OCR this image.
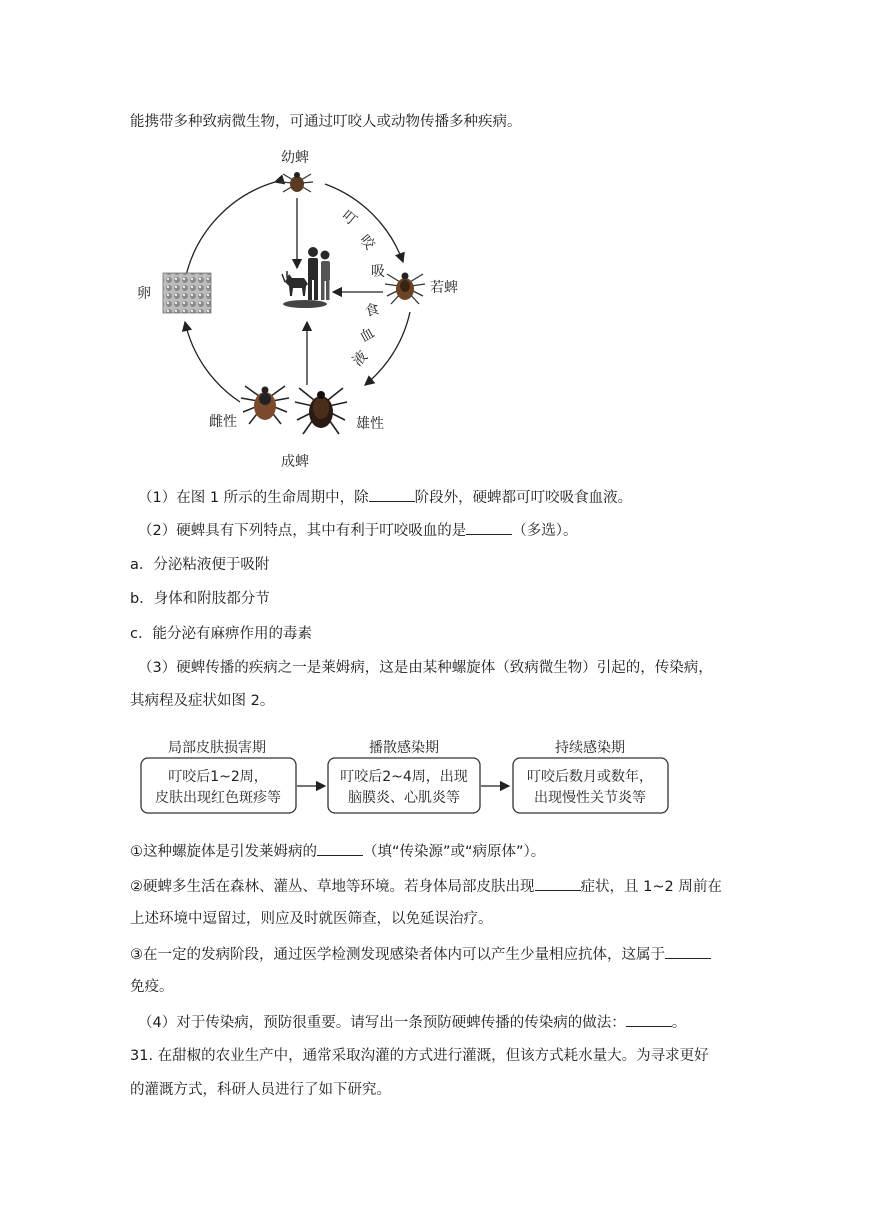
能携带多种致病微生物，可通过叮咬人或动物传播多种疾病。
幼蜱
若蜱
卵
雌性	雄性
成蜱
叮
咬
吸
食
血
液
（1）在图 1 所示的生命周期中，除	阶段外，硬蜱都可叮咬吸食血液。
（2）硬蜱具有下列特点，其中有利于叮咬吸血的是	（多选）。
a．分泌粘液便于吸附
b．身体和附肢都分节
c．能分泌有麻痹作用的毒素
（3）硬蜱传播的疾病之一是莱姆病，这是由某种螺旋体（致病微生物）引起的，传染病，
其病程及症状如图 2。
局部皮肤损害期
叮咬后1~2周，
皮肤出现红色斑疹等
播散感染期
叮咬后2~4周，出现
脑膜炎、心肌炎等
持续感染期
叮咬后数月或数年，
出现慢性关节炎等
①这种螺旋体是引发莱姆病的	（填“传染源”或“病原体”）。
②硬蜱多生活在森林、灌丛、草地等环境。若身体局部皮肤出现	症状，且 1~2 周前在
上述环境中逗留过，则应及时就医筛查，以免延误治疗。
③在一定的发病阶段，通过医学检测发现感染者体内可以产生少量相应抗体，这属于
免疫。
（4）对于传染病，预防很重要。请写出一条预防硬蜱传播的传染病的做法：	。
31. 在甜椒的农业生产中，通常采取沟灌的方式进行灌溉，但该方式耗水量大。为寻求更好
的灌溉方式，科研人员进行了如下研究。
